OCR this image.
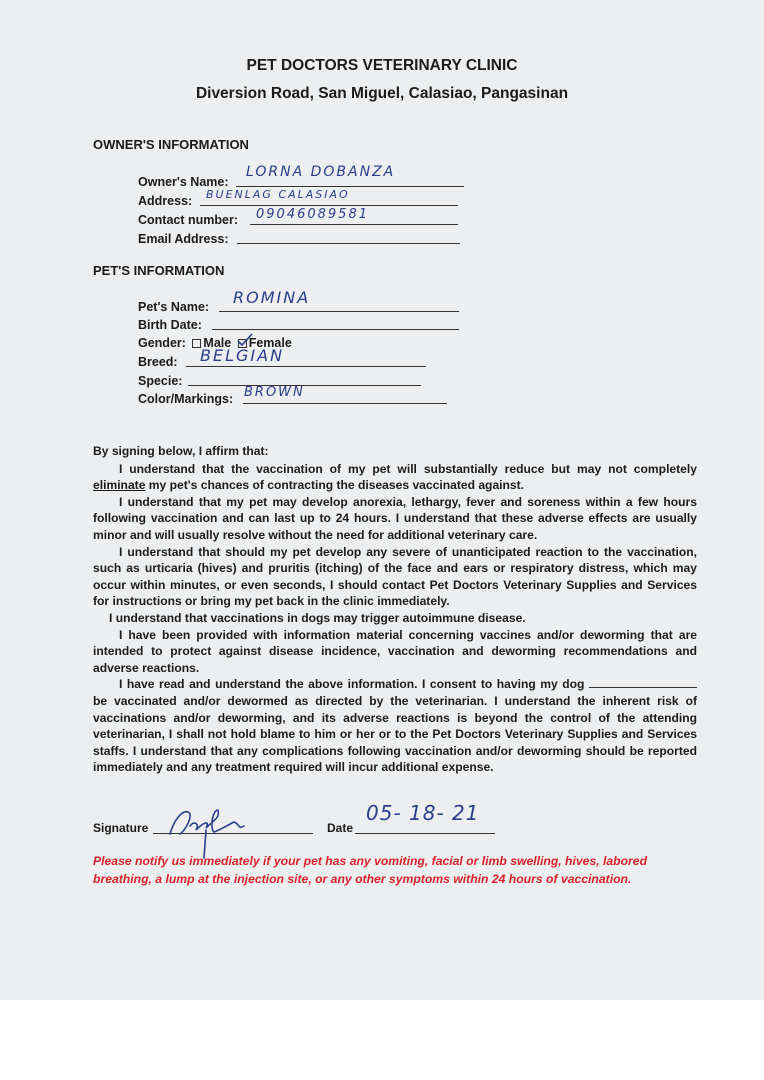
PET DOCTORS VETERINARY CLINIC
Diversion Road, San Miguel, Calasiao, Pangasinan
OWNER'S INFORMATION
Owner's Name:
LORNA DOBANZA
Address: BUENLAG CALASIAO
Contact number: 09046089581
Email Address:
PET'S INFORMATION
Pet's Name: ROMINA
Birth Date:
Gender: Male Female
Breed: BELGIAN
Specie:
Color/Markings: BROWN

By signing below, I affirm that:

I understand that the vaccination of my pet will substantially reduce but may not completely eliminate my pet's chances of contracting the diseases vaccinated against.

I understand that my pet may develop anorexia, lethargy, fever and soreness within a few hours following vaccination and can last up to 24 hours. I understand that these adverse effects are usually minor and will usually resolve without the need for additional veterinary care.

I understand that should my pet develop any severe of unanticipated reaction to the vaccination, such as urticaria (hives) and pruritis (itching) of the face and ears or respiratory distress, which may occur within minutes, or even seconds, I should contact Pet Doctors Veterinary Supplies and Services for instructions or bring my pet back in the clinic immediately.

I understand that vaccinations in dogs may trigger autoimmune disease.

I have been provided with information material concerning vaccines and/or deworming that are intended to protect against disease incidence, vaccination and deworming recommendations and adverse reactions.

I have read and understand the above information. I consent to having my dog  be vaccinated and/or dewormed as directed by the veterinarian. I understand the inherent risk of vaccinations and/or deworming, and its adverse reactions is beyond the control of the attending veterinarian, I shall not hold blame to him or her or to the Pet Doctors Veterinary Supplies and Services staffs. I understand that any complications following vaccination and/or deworming should be reported immediately and any treatment required will incur additional expense.

Signature	Date
05- 18- 21
Please notify us immediately if your pet has any vomiting, facial or limb swelling, hives, labored breathing, a lump at the injection site, or any other symptoms within 24 hours of vaccination.
